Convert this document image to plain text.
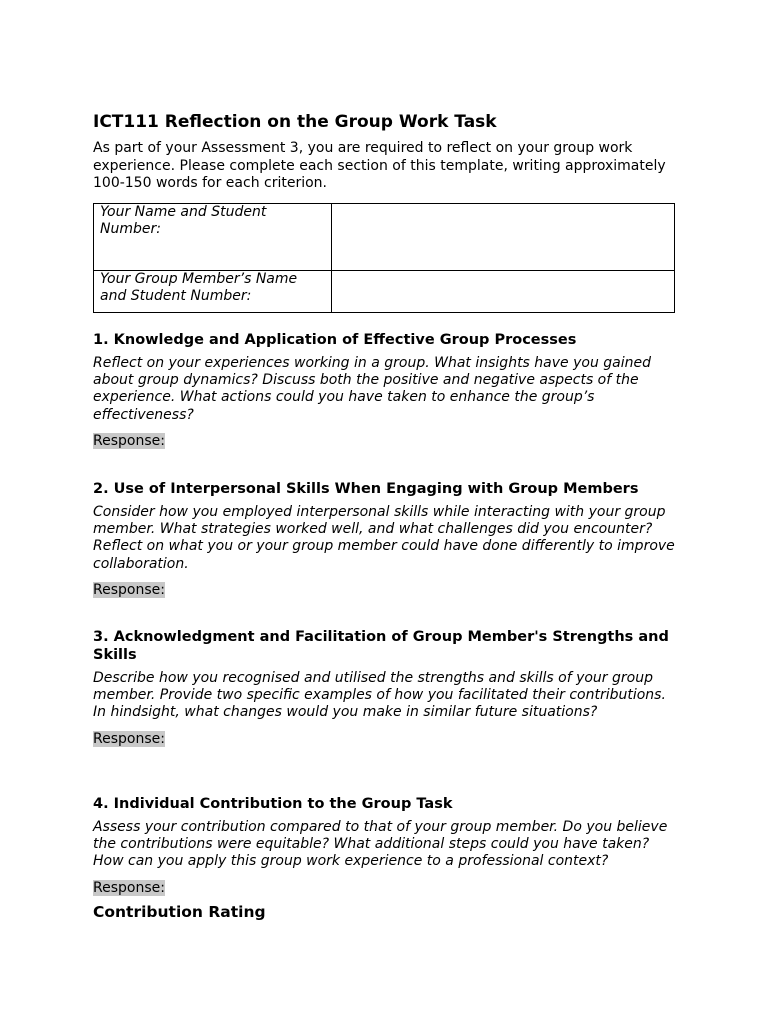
ICT111 Reflection on the Group Work Task

As part of your Assessment 3, you are required to reflect on your group work experience. Please complete each section of this template, writing approximately 100-150 words for each criterion.

Your Name and Student Number:	
Your Group Member’s Name and Student Number:	
1. Knowledge and Application of Effective Group Processes

Reflect on your experiences working in a group. What insights have you gained about group dynamics? Discuss both the positive and negative aspects of the experience. What actions could you have taken to enhance the group’s effectiveness?

Response:
2. Use of Interpersonal Skills When Engaging with Group Members

Consider how you employed interpersonal skills while interacting with your group member. What strategies worked well, and what challenges did you encounter? Reflect on what you or your group member could have done differently to improve collaboration.

Response:
3. Acknowledgment and Facilitation of Group Member's Strengths and Skills

Describe how you recognised and utilised the strengths and skills of your group member. Provide two specific examples of how you facilitated their contributions. In hindsight, what changes would you make in similar future situations?

Response:
4. Individual Contribution to the Group Task

Assess your contribution compared to that of your group member. Do you believe the contributions were equitable? What additional steps could you have taken? How can you apply this group work experience to a professional context?

Response:
Contribution Rating
